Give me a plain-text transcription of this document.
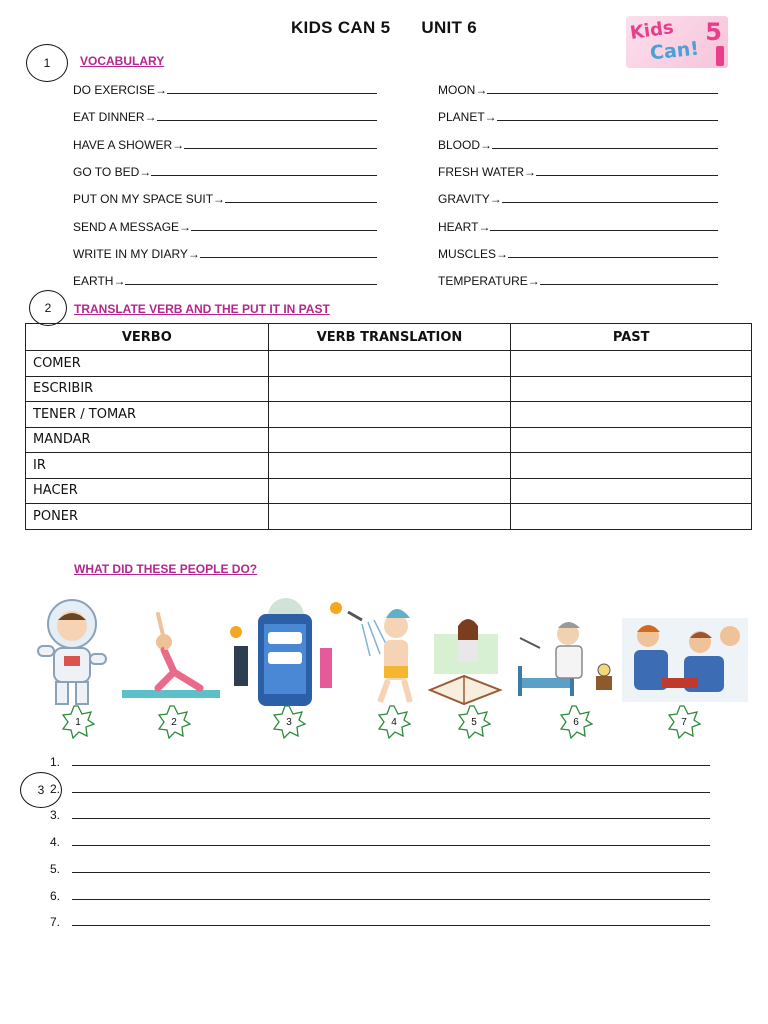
KIDS CAN 5 UNIT 6	Kids
Can!
5
1	VOCABULARY
DO EXERCISE→
EAT DINNER→
HAVE A SHOWER→
GO TO BED→
PUT ON MY SPACE SUIT→
SEND A MESSAGE→
WRITE IN MY DIARY→
EARTH→
MOON→
PLANET→
BLOOD→
FRESH WATER→
GRAVITY→
HEART→
MUSCLES→
TEMPERATURE→
2	TRANSLATE VERB AND THE PUT IT IN PAST
VERBO	VERB TRANSLATION	PAST
COMER		
ESCRIBIR		
TENER / TOMAR		
MANDAR		
IR		
HACER		
PONER		
WHAT DID THESE PEOPLE DO?
1	2	3	4	5	6	7
3
1.
2.
3.
4.
5.
6.
7.
